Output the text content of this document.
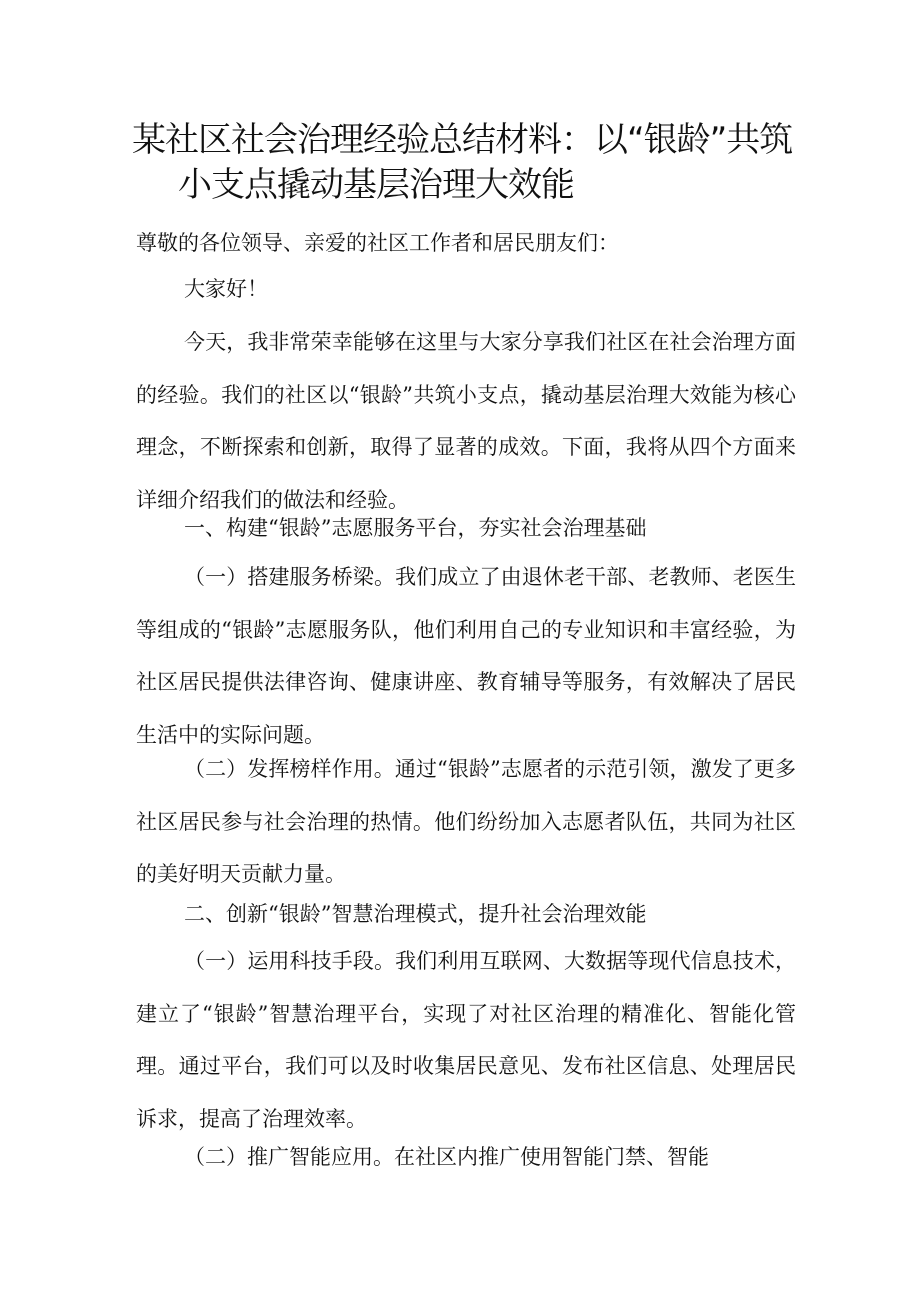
某社区社会治理经验总结材料：以“银龄”共筑
小支点撬动基层治理大效能

尊敬的各位领导、亲爱的社区工作者和居民朋友们：

大家好！

今天，我非常荣幸能够在这里与大家分享我们社区在社会治理方面的经验。我们的社区以“银龄”共筑小支点，撬动基层治理大效能为核心理念，不断探索和创新，取得了显著的成效。下面，我将从四个方面来详细介绍我们的做法和经验。

一、构建“银龄”志愿服务平台，夯实社会治理基础

（一）搭建服务桥梁。我们成立了由退休老干部、老教师、老医生等组成的“银龄”志愿服务队，他们利用自己的专业知识和丰富经验，为社区居民提供法律咨询、健康讲座、教育辅导等服务，有效解决了居民生活中的实际问题。

（二）发挥榜样作用。通过“银龄”志愿者的示范引领，激发了更多社区居民参与社会治理的热情。他们纷纷加入志愿者队伍，共同为社区的美好明天贡献力量。

二、创新“银龄”智慧治理模式，提升社会治理效能

（一）运用科技手段。我们利用互联网、大数据等现代信息技术，建立了“银龄”智慧治理平台，实现了对社区治理的精准化、智能化管理。通过平台，我们可以及时收集居民意见、发布社区信息、处理居民诉求，提高了治理效率。

（二）推广智能应用。在社区内推广使用智能门禁、智能
